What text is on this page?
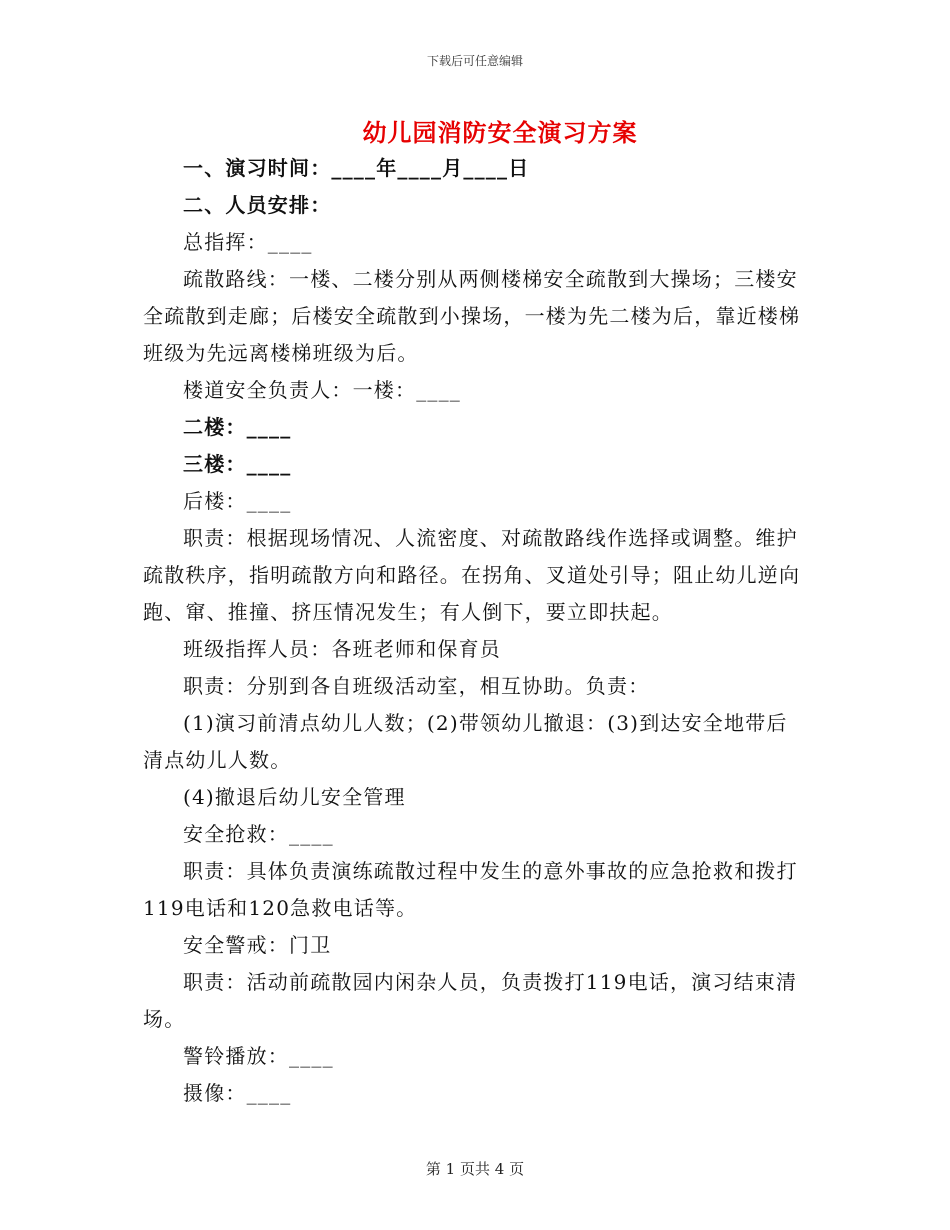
下载后可任意编辑
幼儿园消防安全演习方案

一、演习时间：____年____月____日

二、人员安排：

总指挥：____

疏散路线：一楼、二楼分别从两侧楼梯安全疏散到大操场；三楼安全疏散到走廊；后楼安全疏散到小操场，一楼为先二楼为后，靠近楼梯班级为先远离楼梯班级为后。

楼道安全负责人：一楼：____

二楼：____

三楼：____

后楼：____

职责：根据现场情况、人流密度、对疏散路线作选择或调整。维护疏散秩序，指明疏散方向和路径。在拐角、叉道处引导；阻止幼儿逆向跑、窜、推撞、挤压情况发生；有人倒下，要立即扶起。

班级指挥人员：各班老师和保育员

职责：分别到各自班级活动室，相互协助。负责：

(1)演习前清点幼儿人数；(2)带领幼儿撤退：(3)到达安全地带后清点幼儿人数。

(4)撤退后幼儿安全管理

安全抢救：____

职责：具体负责演练疏散过程中发生的意外事故的应急抢救和拨打119电话和120急救电话等。

安全警戒：门卫

职责：活动前疏散园内闲杂人员，负责拨打119电话，演习结束清场。

警铃播放：____

摄像：____

第 1 页共 4 页
